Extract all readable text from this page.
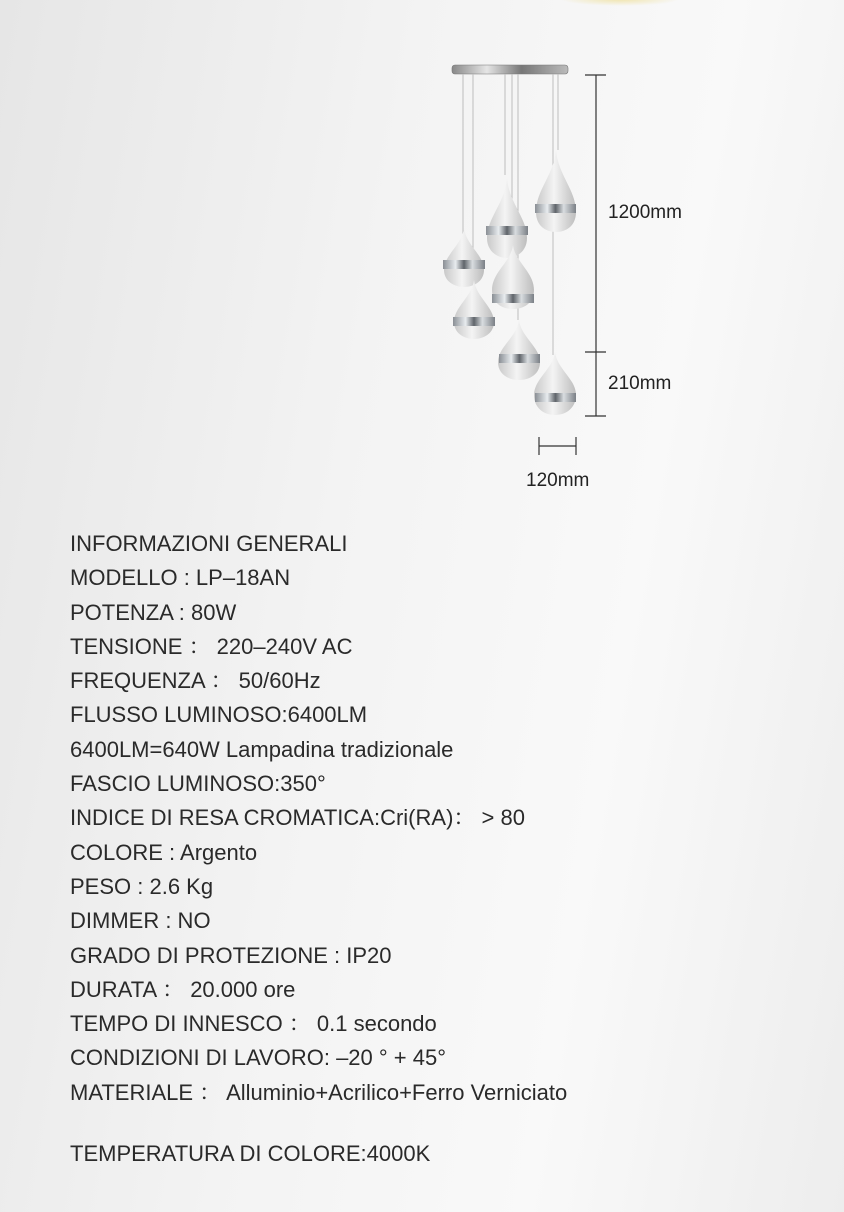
1200mm
210mm
120mm
INFORMAZIONI GENERALI
MODELLO : LP–18AN
POTENZA : 80W
TENSIONE ： 220–240V AC
FREQUENZA ： 50/60Hz
FLUSSO LUMINOSO:6400LM
6400LM=640W Lampadina tradizionale
FASCIO LUMINOSO:350°
INDICE DI RESA CROMATICA:Cri(RA)： > 80
COLORE : Argento
PESO : 2.6 Kg
DIMMER : NO
GRADO DI PROTEZIONE : IP20
DURATA ： 20.000 ore
TEMPO DI INNESCO ： 0.1 secondo
CONDIZIONI DI LAVORO: –20 ° + 45°
MATERIALE ： Alluminio+Acrilico+Ferro Verniciato
TEMPERATURA DI COLORE:4000K
